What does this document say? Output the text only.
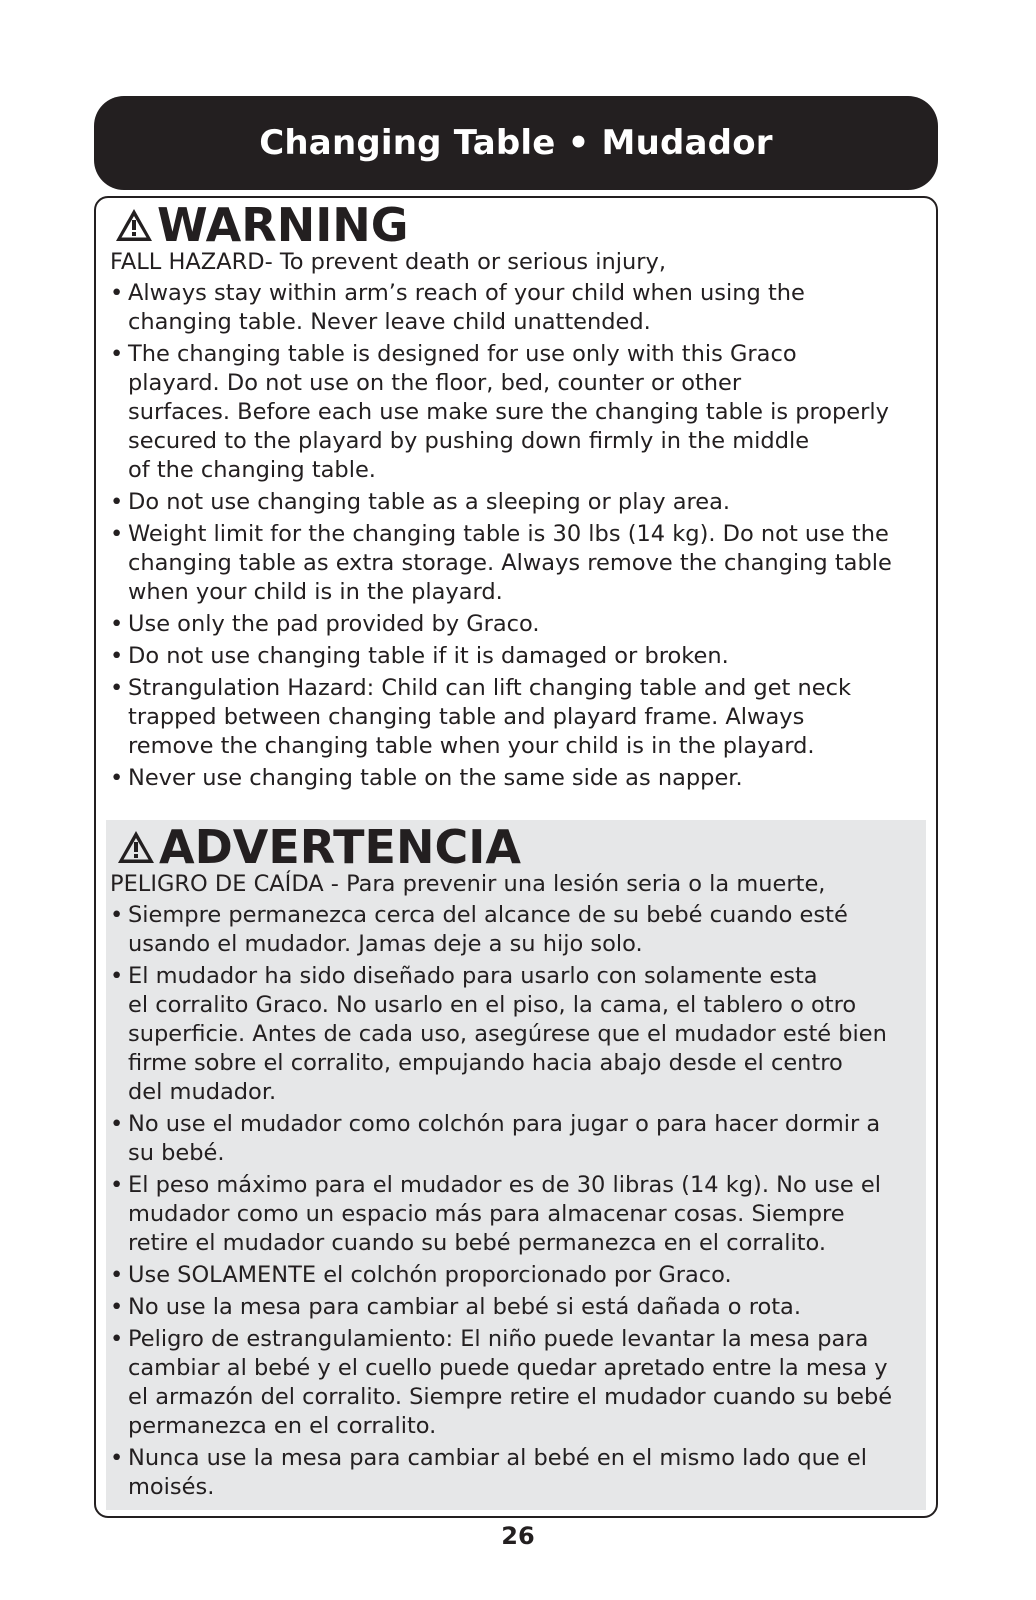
Changing Table • Mudador
WARNING
FALL HAZARD- To prevent death or serious injury,
• Always stay within arm’s reach of your child when using the
changing table. Never leave child unattended.
• The changing table is designed for use only with this Graco
playard. Do not use on the floor, bed, counter or other
surfaces. Before each use make sure the changing table is properly
secured to the playard by pushing down firmly in the middle
of the changing table.
• Do not use changing table as a sleeping or play area.
• Weight limit for the changing table is 30 lbs (14 kg). Do not use the
changing table as extra storage. Always remove the changing table
when your child is in the playard.
• Use only the pad provided by Graco.
• Do not use changing table if it is damaged or broken.
• Strangulation Hazard: Child can lift changing table and get neck
trapped between changing table and playard frame. Always
remove the changing table when your child is in the playard.
• Never use changing table on the same side as napper.
ADVERTENCIA
PELIGRO DE CAÍDA - Para prevenir una lesión seria o la muerte,
• Siempre permanezca cerca del alcance de su bebé cuando esté
usando el mudador. Jamas deje a su hijo solo.
• El mudador ha sido diseñado para usarlo con solamente esta
el corralito Graco. No usarlo en el piso, la cama, el tablero o otro
superficie. Antes de cada uso, asegúrese que el mudador esté bien
firme sobre el corralito, empujando hacia abajo desde el centro
del mudador.
• No use el mudador como colchón para jugar o para hacer dormir a
su bebé.
• El peso máximo para el mudador es de 30 libras (14 kg). No use el
mudador como un espacio más para almacenar cosas. Siempre
retire el mudador cuando su bebé permanezca en el corralito.
• Use SOLAMENTE el colchón proporcionado por Graco.
• No use la mesa para cambiar al bebé si está dañada o rota.
• Peligro de estrangulamiento: El niño puede levantar la mesa para
cambiar al bebé y el cuello puede quedar apretado entre la mesa y
el armazón del corralito. Siempre retire el mudador cuando su bebé
permanezca en el corralito.
• Nunca use la mesa para cambiar al bebé en el mismo lado que el
moisés.
26
